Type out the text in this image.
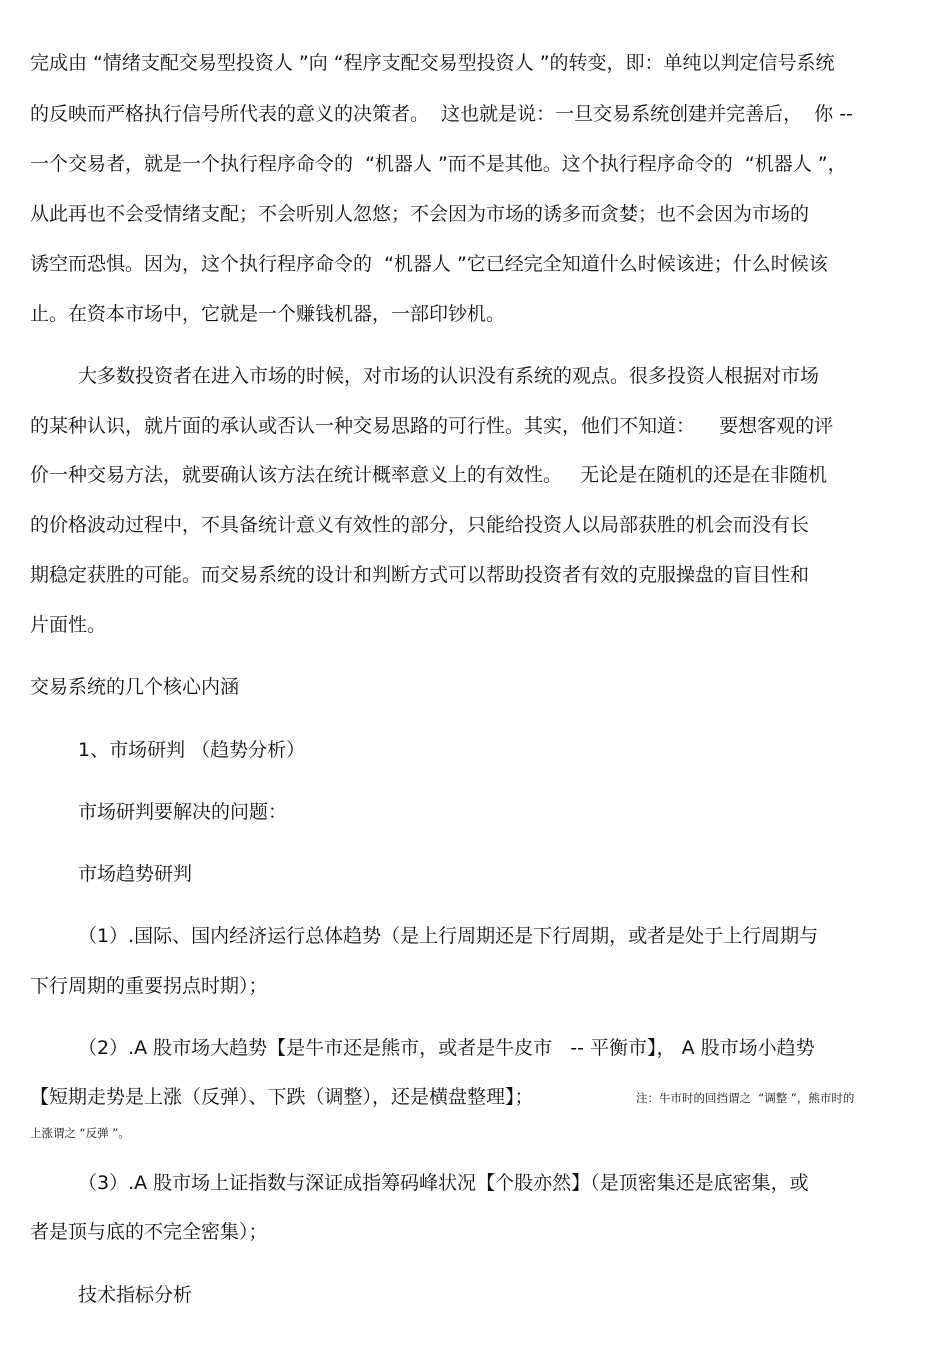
完成由 “情绪支配交易型投资人 ”向 “程序支配交易型投资人 ”的转变，即：单纯以判定信号系统
的反映而严格执行信号所代表的意义的决策者。  这也就是说：一旦交易系统创建并完善后，  你 --
一个交易者，就是一个执行程序命令的  “机器人 ”而不是其他。这个执行程序命令的  “机器人 ”，
从此再也不会受情绪支配；不会听别人忽悠；不会因为市场的诱多而贪婪；也不会因为市场的
诱空而恐惧。因为，这个执行程序命令的  “机器人 ”它已经完全知道什么时候该进；什么时候该
止。在资本市场中，它就是一个赚钱机器，一部印钞机。
大多数投资者在进入市场的时候，对市场的认识没有系统的观点。很多投资人根据对市场
的某种认识，就片面的承认或否认一种交易思路的可行性。其实，他们不知道：    要想客观的评
价一种交易方法，就要确认该方法在统计概率意义上的有效性。   无论是在随机的还是在非随机
的价格波动过程中，不具备统计意义有效性的部分，只能给投资人以局部获胜的机会而没有长
期稳定获胜的可能。而交易系统的设计和判断方式可以帮助投资者有效的克服操盘的盲目性和
片面性。
交易系统的几个核心内涵
1、市场研判 （趋势分析）
市场研判要解决的问题：
市场趋势研判
（1）.国际、国内经济运行总体趋势（是上行周期还是下行周期，或者是处于上行周期与
下行周期的重要拐点时期）；
（2）.A 股市场大趋势【是牛市还是熊市，或者是牛皮市   -- 平衡市】， A 股市场小趋势
【短期走势是上涨（反弹）、下跌（调整），还是横盘整理】；	注：牛市时的回挡谓之  “调整 ”，熊市时的
上涨谓之 “反弹 ”。
（3）.A 股市场上证指数与深证成指筹码峰状况【个股亦然】（是顶密集还是底密集，或
者是顶与底的不完全密集）；
技术指标分析
